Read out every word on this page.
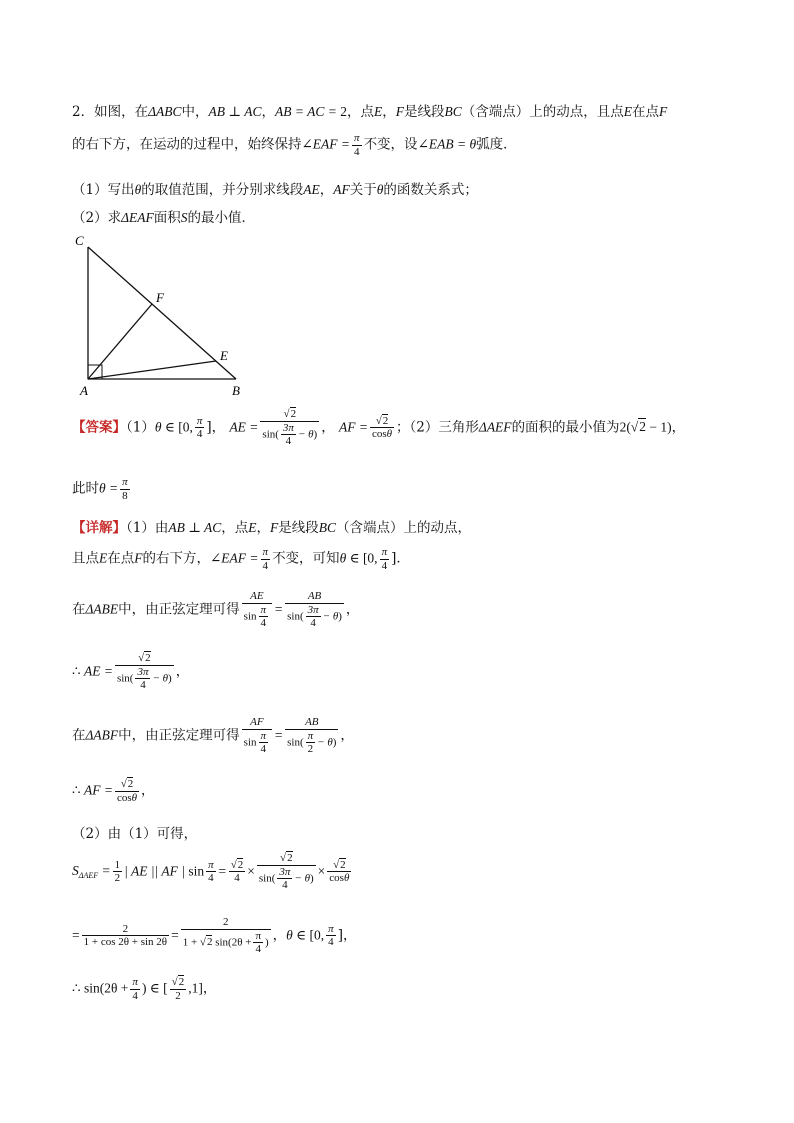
2．如图，在ΔABC中，AB ⊥ AC，AB = AC = 2，点E，F是线段BC（含端点）上的动点，且点E在点F
的右下方，在运动的过程中，始终保持∠EAF = $\frac{\pi}{4}$ 不变，设∠EAB = θ弧度．
（1）写出θ的取值范围，并分别求线段AE，AF关于θ的函数关系式；
（2）求ΔEAF面积S的最小值．
C
F
E
A	B
【答案】（1）θ ∈ [0, $\frac{\pi}{4}$ ]， AE = $\frac{√2}{\sin( \frac{3\pi}{4} - \theta)}$ ， AF = $\frac{√2}{\cos\theta}$ ；（2）三角形ΔAEF的面积的最小值为2(√2 − 1)，
此时$\theta = \frac{\pi}{8}$
【详解】（1）由AB ⊥ AC，点E，F是线段BC（含端点）上的动点，
且点E在点F的右下方，∠EAF = $\frac{\pi}{4}$ 不变，可知θ ∈ [0, $\frac{\pi}{4}$ ]．
在ΔABE中，由正弦定理可得 $\frac{AE}{\sin \frac{\pi}{4}} = \frac{AB}{\sin( \frac{3\pi}{4} - \theta)}$ ，
∴ AE = $\frac{√2}{\sin( \frac{3\pi}{4} - \theta)}$ ，
在ΔABF中，由正弦定理可得 $\frac{AF}{\sin \frac{\pi}{4}} = \frac{AB}{\sin( \frac{\pi}{2} - \theta)}$ ，
∴ AF = $\frac{√2}{\cos\theta}$ ，
（2）由（1）可得，
$S_{\Delta AEF} = \frac{1}{2}$ | AE || AF | $\sin \frac{\pi}{4} = \frac{√2}{4} \times \frac{√2}{\sin( \frac{3\pi}{4} - \theta)} \times \frac{√2}{\cos\theta}$
= $\frac{2}{1 + \cos 2\theta + \sin 2\theta} = \frac{2}{1 + √2 \sin(2\theta + \frac{\pi}{4} )}$ ，θ ∈ [0, $\frac{\pi}{4}$ ]，
∴ $\sin(2\theta + \frac{\pi}{4}$ ) ∈ [ $\frac{√2}{2} ,1$]，
